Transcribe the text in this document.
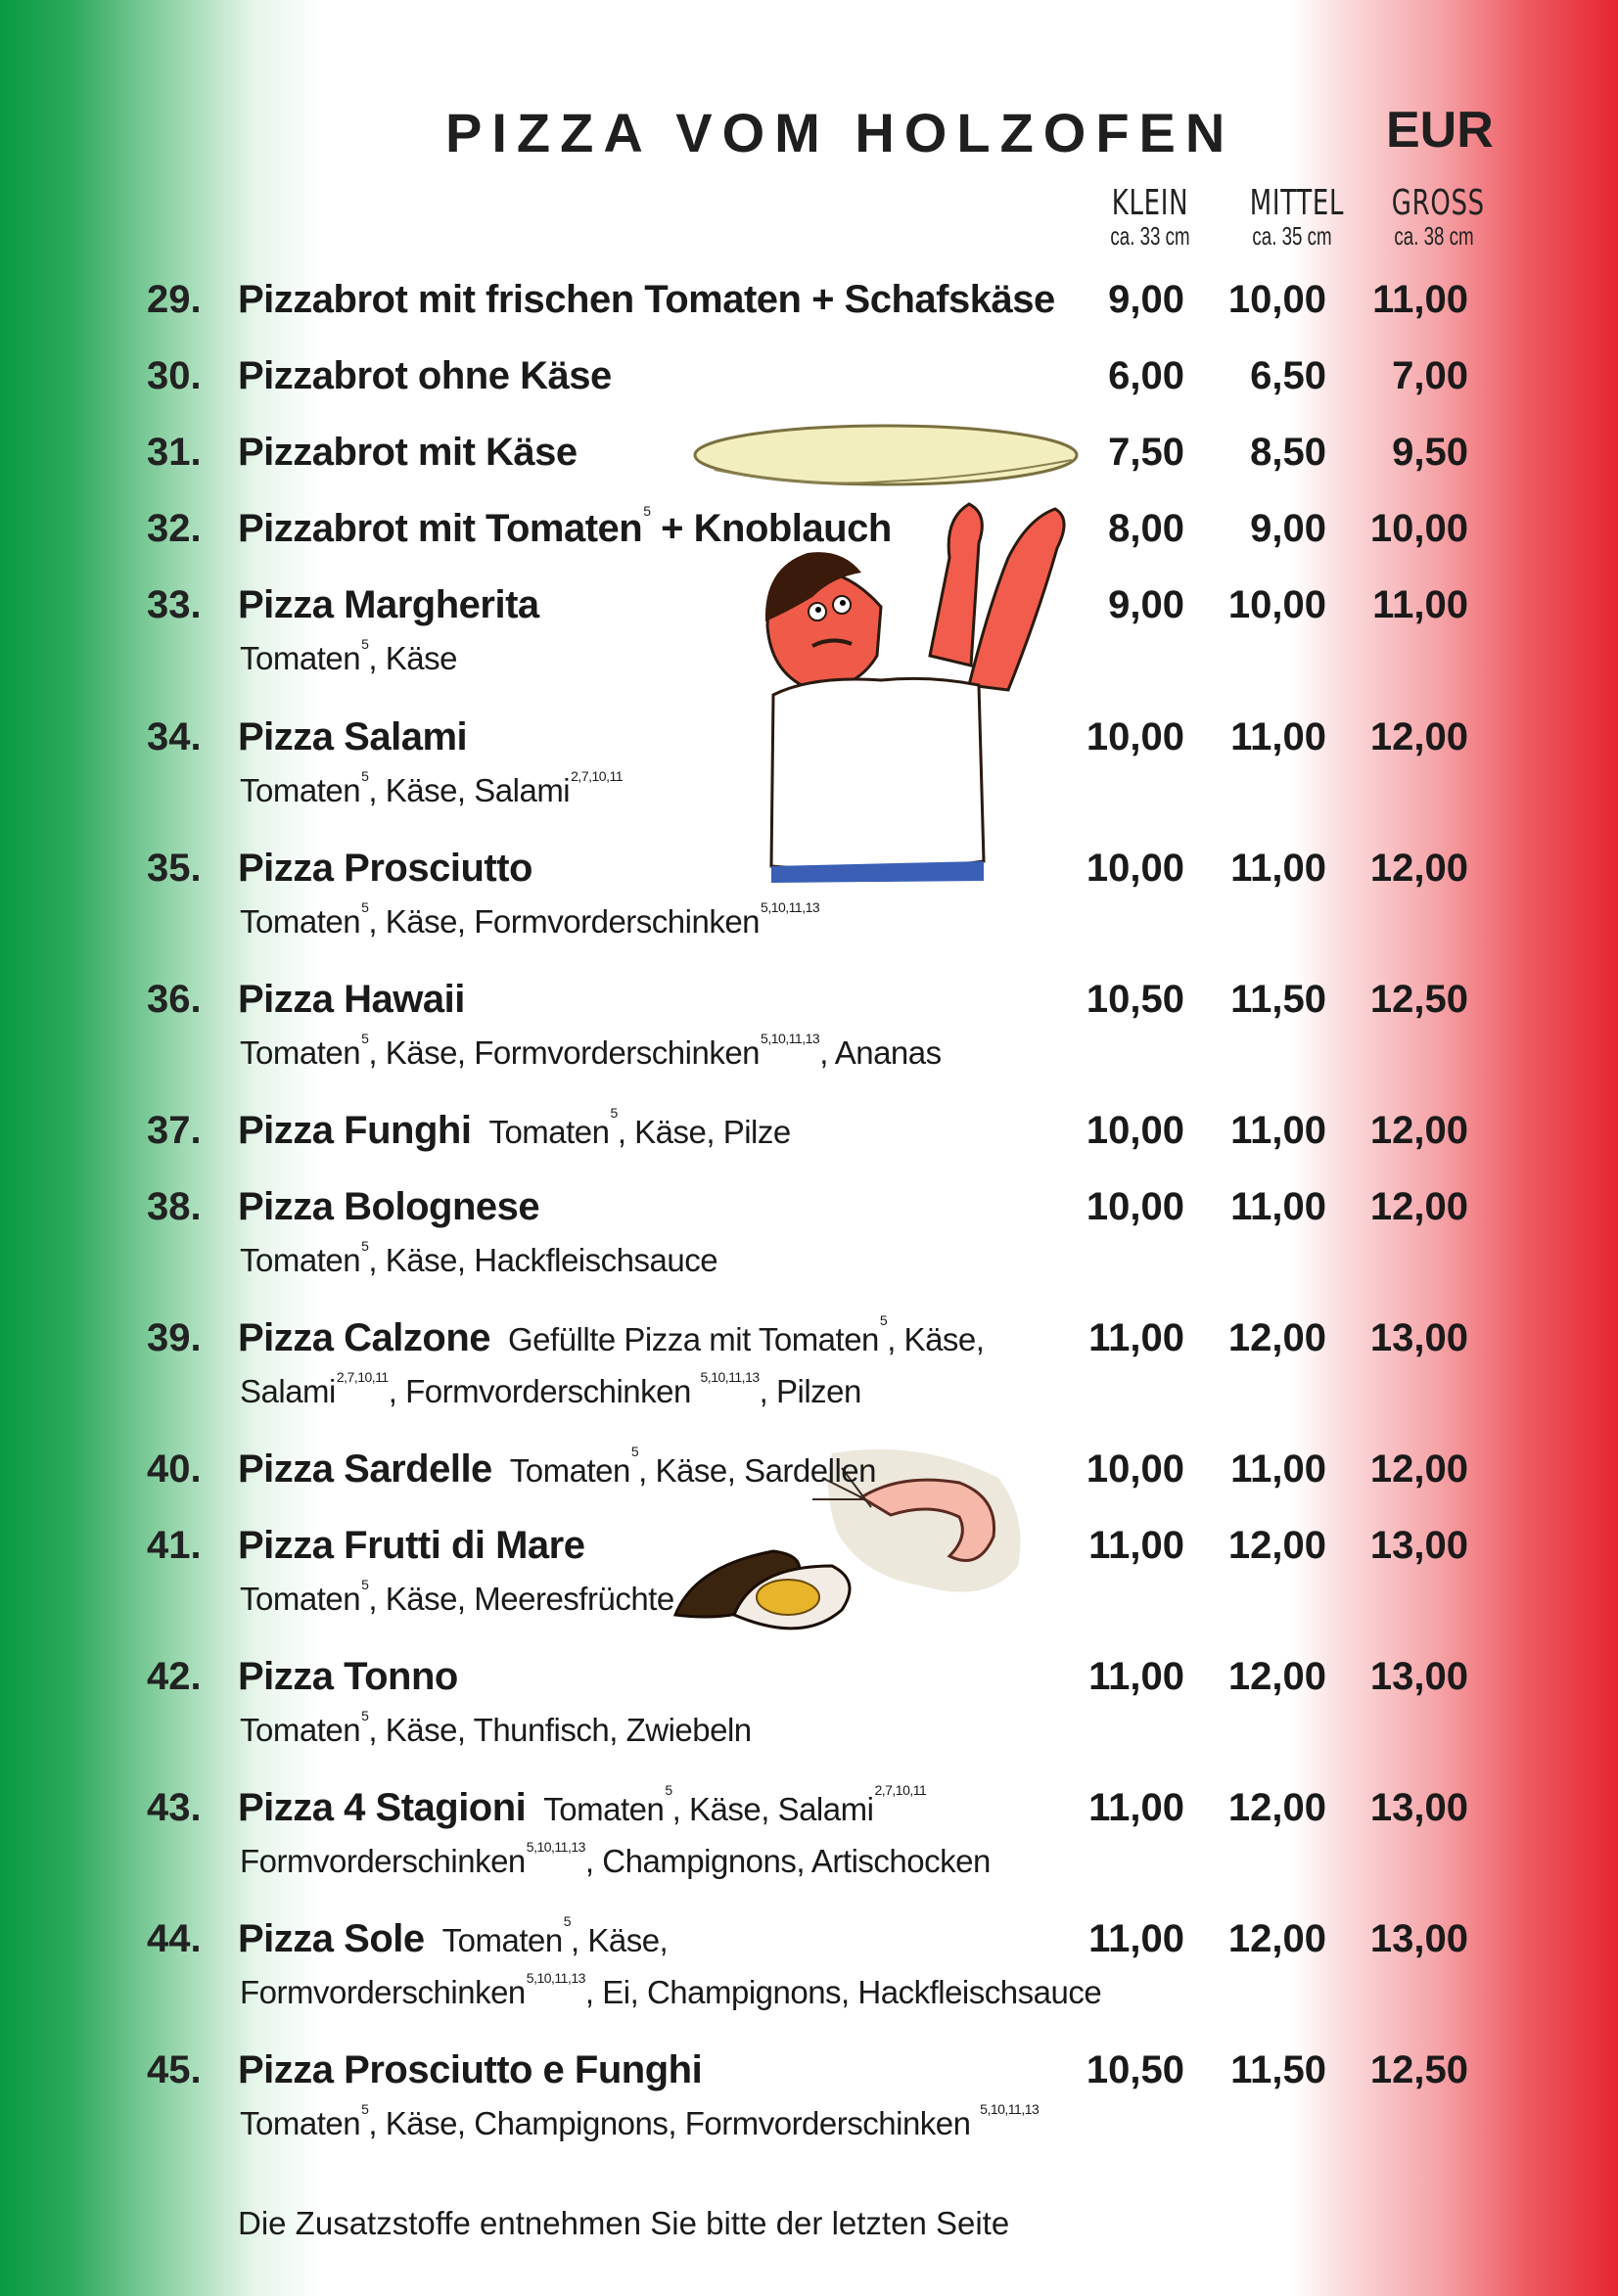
PIZZA VOM HOLZOFEN	EUR
KLEIN
ca. 33 cm
MITTEL
ca. 35 cm
GROSS
ca. 38 cm
29. Pizzabrot mit frischen Tomaten + Schafskäse	9,00	10,00	11,00
30. Pizzabrot ohne Käse	6,00	6,50	7,00
31. Pizzabrot mit Käse	7,50	8,50	9,50
32. Pizzabrot mit Tomaten$^5$ + Knoblauch	8,00	9,00	10,00
33. Pizza Margherita
Tomaten$^5$, Käse
9,00	10,00	11,00
34. Pizza Salami
Tomaten$^5$, Käse, Salami$^{2,7,10,11}$
10,00	11,00	12,00
35. Pizza Prosciutto
Tomaten$^5$, Käse, Formvorderschinken$^{5,10,11,13}$
10,00	11,00	12,00
36. Pizza Hawaii
Tomaten$^5$, Käse, Formvorderschinken$^{5,10,11,13}$, Ananas
10,50	11,50	12,50
37. Pizza Funghi Tomaten$^5$, Käse, Pilze	10,00	11,00	12,00
38. Pizza Bolognese
Tomaten$^5$, Käse, Hackfleischsauce
10,00	11,00	12,00
39. Pizza Calzone Gefüllte Pizza mit Tomaten$^5$, Käse,
Salami$^{2,7,10,11}$, Formvorderschinken $^{5,10,11,13}$, Pilzen
11,00	12,00	13,00
40. Pizza Sardelle Tomaten$^5$, Käse, Sardellen	10,00	11,00	12,00
41. Pizza Frutti di Mare
Tomaten$^5$, Käse, Meeresfrüchte
11,00	12,00	13,00
42. Pizza Tonno
Tomaten$^5$, Käse, Thunfisch, Zwiebeln
11,00	12,00	13,00
43. Pizza 4 Stagioni Tomaten$^5$, Käse, Salami$^{2,7,10,11}$
Formvorderschinken$^{5,10,11,13}$, Champignons, Artischocken
11,00	12,00	13,00
44. Pizza Sole Tomaten$^5$, Käse,
Formvorderschinken$^{5,10,11,13}$, Ei, Champignons, Hackfleischsauce
11,00	12,00	13,00
45. Pizza Prosciutto e Funghi
Tomaten$^5$, Käse, Champignons, Formvorderschinken $^{5,10,11,13}$
10,50	11,50	12,50
Die Zusatzstoffe entnehmen Sie bitte der letzten Seite
